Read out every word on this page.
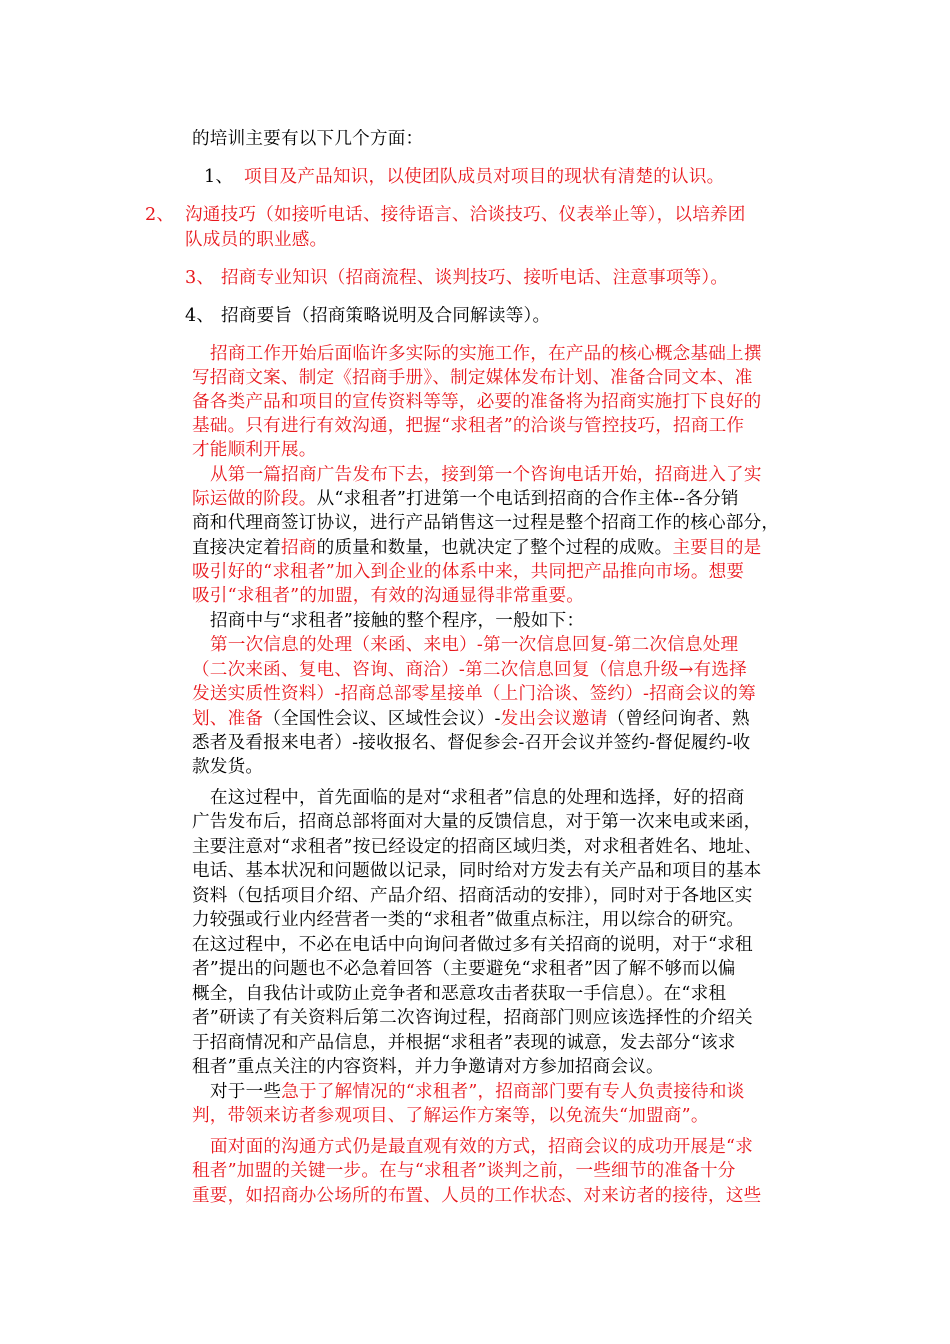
的培训主要有以下几个方面：

1、 项目及产品知识，以使团队成员对项目的现状有清楚的认识。

2、 沟通技巧（如接听电话、接待语言、洽谈技巧、仪表举止等），以培养团

队成员的职业感。

3、 招商专业知识（招商流程、谈判技巧、接听电话、注意事项等）。

4、 招商要旨（招商策略说明及合同解读等）。

招商工作开始后面临许多实际的实施工作，在产品的核心概念基础上撰

写招商文案、制定《招商手册》、制定媒体发布计划、准备合同文本、准

备各类产品和项目的宣传资料等等，必要的准备将为招商实施打下良好的

基础。只有进行有效沟通，把握“求租者”的洽谈与管控技巧，招商工作

才能顺利开展。

从第一篇招商广告发布下去，接到第一个咨询电话开始，招商进入了实

际运做的阶段。从“求租者”打进第一个电话到招商的合作主体--各分销

商和代理商签订协议，进行产品销售这一过程是整个招商工作的核心部分，

直接决定着招商的质量和数量，也就决定了整个过程的成败。主要目的是

吸引好的“求租者”加入到企业的体系中来，共同把产品推向市场。想要

吸引“求租者”的加盟，有效的沟通显得非常重要。

招商中与“求租者”接触的整个程序，一般如下：

第一次信息的处理（来函、来电）-第一次信息回复-第二次信息处理

（二次来函、复电、咨询、商洽）-第二次信息回复（信息升级→有选择

发送实质性资料）-招商总部零星接单（上门洽谈、签约）-招商会议的筹

划、准备（全国性会议、区域性会议）-发出会议邀请（曾经问询者、熟

悉者及看报来电者）-接收报名、督促参会-召开会议并签约-督促履约-收

款发货。

在这过程中，首先面临的是对“求租者”信息的处理和选择，好的招商

广告发布后，招商总部将面对大量的反馈信息，对于第一次来电或来函，

主要注意对“求租者”按已经设定的招商区域归类，对求租者姓名、地址、

电话、基本状况和问题做以记录，同时给对方发去有关产品和项目的基本

资料（包括项目介绍、产品介绍、招商活动的安排），同时对于各地区实

力较强或行业内经营者一类的“求租者”做重点标注，用以综合的研究。

在这过程中，不必在电话中向询问者做过多有关招商的说明，对于“求租

者”提出的问题也不必急着回答（主要避免“求租者”因了解不够而以偏

概全，自我估计或防止竞争者和恶意攻击者获取一手信息）。在“求租

者”研读了有关资料后第二次咨询过程，招商部门则应该选择性的介绍关

于招商情况和产品信息，并根据“求租者”表现的诚意，发去部分“该求

租者”重点关注的内容资料，并力争邀请对方参加招商会议。

对于一些急于了解情况的“求租者”，招商部门要有专人负责接待和谈

判，带领来访者参观项目、了解运作方案等，以免流失“加盟商”。

面对面的沟通方式仍是最直观有效的方式，招商会议的成功开展是“求

租者”加盟的关键一步。在与“求租者”谈判之前，一些细节的准备十分

重要，如招商办公场所的布置、人员的工作状态、对来访者的接待，这些
